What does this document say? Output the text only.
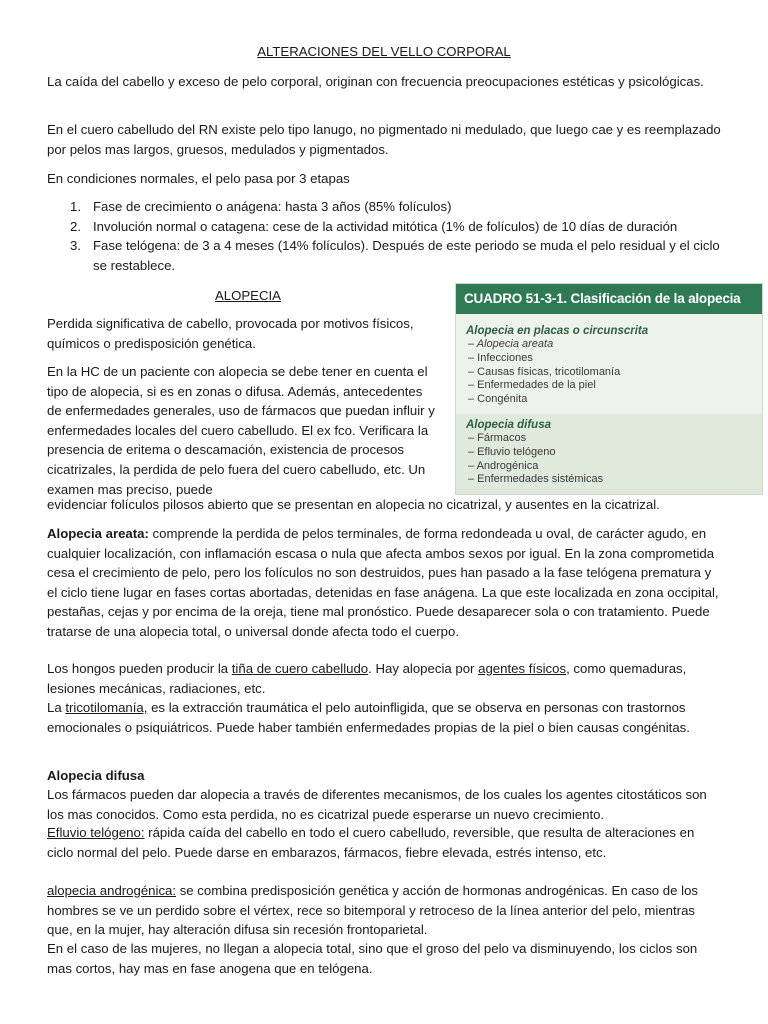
ALTERACIONES DEL VELLO CORPORAL

La caída del cabello y exceso de pelo corporal, originan con frecuencia preocupaciones estéticas y psicológicas.

En el cuero cabelludo del RN existe pelo tipo lanugo, no pigmentado ni medulado, que luego cae y es reemplazado por pelos mas largos, gruesos, medulados y pigmentados.

En condiciones normales, el pelo pasa por 3 etapas

1. Fase de crecimiento o anágena: hasta 3 años (85% folículos)
2. Involución normal o catagena: cese de la actividad mitótica (1% de folículos) de 10 días de duración
3. Fase telógena: de 3 a 4 meses (14% folículos). Después de este periodo se muda el pelo residual y el ciclo se restablece.
ALOPECIA

Perdida significativa de cabello, provocada por motivos físicos, químicos o predisposición genética.

En la HC de un paciente con alopecia se debe tener en cuenta el tipo de alopecia, si es en zonas o difusa. Además, antecedentes de enfermedades generales, uso de fármacos que puedan influir y enfermedades locales del cuero cabelludo. El ex fco. Verificara la presencia de eritema o descamación, existencia de procesos cicatrizales, la perdida de pelo fuera del cuero cabelludo, etc. Un examen mas preciso, puede

evidenciar folículos pilosos abierto que se presentan en alopecia no cicatrizal, y ausentes en la cicatrizal.

CUADRO 51-3-1. Clasificación de la alopecia
Alopecia en placas o circunscrita
– Alopecia areata
– Infecciones
– Causas físicas, tricotilomanía
– Enfermedades de la piel
– Congénita
Alopecia difusa
– Fármacos
– Efluvio telógeno
– Androgénica
– Enfermedades sistémicas

Alopecia areata: comprende la perdida de pelos terminales, de forma redondeada u oval, de carácter agudo, en cualquier localización, con inflamación escasa o nula que afecta ambos sexos por igual. En la zona comprometida cesa el crecimiento de pelo, pero los folículos no son destruidos, pues han pasado a la fase telógena prematura y el ciclo tiene lugar en fases cortas abortadas, detenidas en fase anágena. La que este localizada en zona occipital, pestañas, cejas y por encima de la oreja, tiene mal pronóstico. Puede desaparecer sola o con tratamiento. Puede tratarse de una alopecia total, o universal donde afecta todo el cuerpo.

Los hongos pueden producir la tiña de cuero cabelludo. Hay alopecia por agentes físicos, como quemaduras, lesiones mecánicas, radiaciones, etc.

La tricotilomanía, es la extracción traumática el pelo autoinfligida, que se observa en personas con trastornos emocionales o psiquiátricos. Puede haber también enfermedades propias de la piel o bien causas congénitas.

Alopecia difusa

Los fármacos pueden dar alopecia a través de diferentes mecanismos, de los cuales los agentes citostáticos son los mas conocidos. Como esta perdida, no es cicatrizal puede esperarse un nuevo crecimiento.

Efluvio telógeno: rápida caída del cabello en todo el cuero cabelludo, reversible, que resulta de alteraciones en ciclo normal del pelo. Puede darse en embarazos, fármacos, fiebre elevada, estrés intenso, etc.

alopecia androgénica: se combina predisposición genética y acción de hormonas androgénicas. En caso de los hombres se ve un perdido sobre el vértex, rece so bitemporal y retroceso de la línea anterior del pelo, mientras que, en la mujer, hay alteración difusa sin recesión frontoparietal.

En el caso de las mujeres, no llegan a alopecia total, sino que el groso del pelo va disminuyendo, los ciclos son mas cortos, hay mas en fase anogena que en telógena.
